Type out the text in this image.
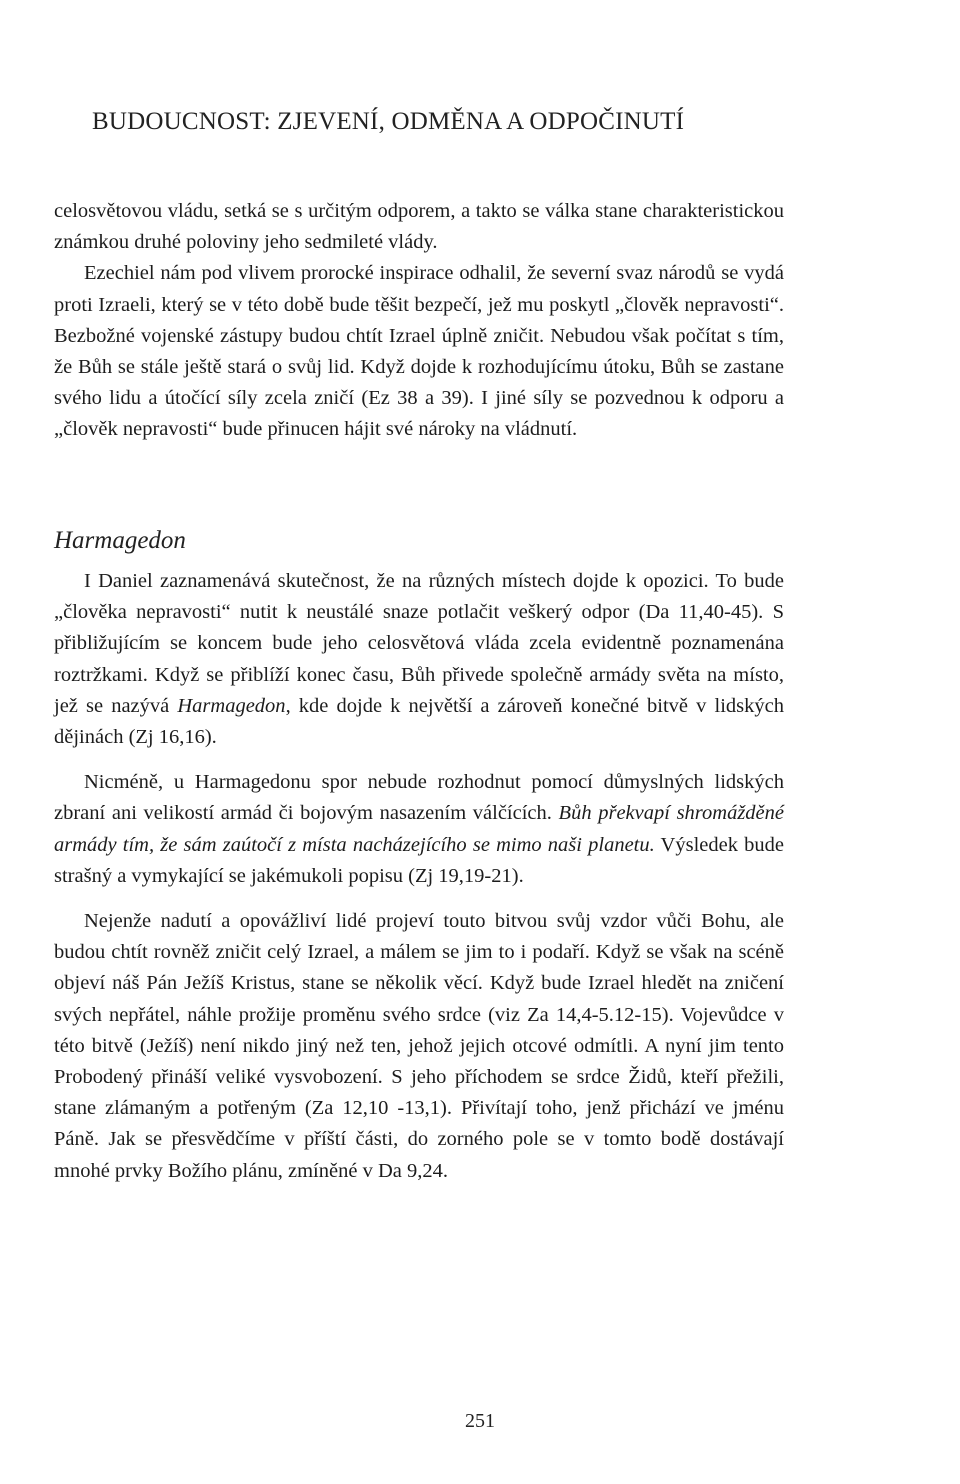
BUDOUCNOST: ZJEVENÍ, ODMĚNA A ODPOČINUTÍ

celosvětovou vládu, setká se s určitým odporem, a takto se válka stane charakteristickou známkou druhé poloviny jeho sedmileté vlády.

Ezechiel nám pod vlivem prorocké inspirace odhalil, že severní svaz národů se vydá proti Izraeli, který se v této době bude těšit bezpečí, jež mu poskytl „člověk nepravosti“. Bezbožné vojenské zástupy budou chtít Izrael úplně zničit. Nebudou však počítat s tím, že Bůh se stále ještě stará o svůj lid. Když dojde k rozhodujícímu útoku, Bůh se zastane svého lidu a útočící síly zcela zničí (Ez 38 a 39). I jiné síly se pozvednou k odporu a „člověk nepravosti“ bude přinucen hájit své nároky na vládnutí.

Harmagedon

I Daniel zaznamenává skutečnost, že na různých místech dojde k opozici. To bude „člověka nepravosti“ nutit k neustálé snaze potlačit veškerý odpor (Da 11,40-45). S přibližujícím se koncem bude jeho celosvětová vláda zcela evidentně poznamenána roztržkami. Když se přiblíží konec času, Bůh přivede společně armády světa na místo, jež se nazývá Harmagedon, kde dojde k největší a zároveň konečné bitvě v lidských dějinách (Zj 16,16).

Nicméně, u Harmagedonu spor nebude rozhodnut pomocí důmyslných lidských zbraní ani velikostí armád či bojovým nasazením válčících. Bůh překvapí shromážděné armády tím, že sám zaútočí z místa nacházejícího se mimo naši planetu. Výsledek bude strašný a vymykající se jakémukoli popisu (Zj 19,19-21).

Nejenže nadutí a opovážliví lidé projeví touto bitvou svůj vzdor vůči Bohu, ale budou chtít rovněž zničit celý Izrael, a málem se jim to i podaří. Když se však na scéně objeví náš Pán Ježíš Kristus, stane se několik věcí. Když bude Izrael hledět na zničení svých nepřátel, náhle prožije proměnu svého srdce (viz Za 14,4-5.12-15). Vojevůdce v této bitvě (Ježíš) není nikdo jiný než ten, jehož jejich otcové odmítli. A nyní jim tento Probodený přináší veliké vysvobození. S jeho příchodem se srdce Židů, kteří přežili, stane zlámaným a potřeným (Za 12,10 -13,1). Přivítají toho, jenž přichází ve jménu Páně. Jak se přesvědčíme v příští části, do zorného pole se v tomto bodě dostávají mnohé prvky Božího plánu, zmíněné v Da 9,24.

251
